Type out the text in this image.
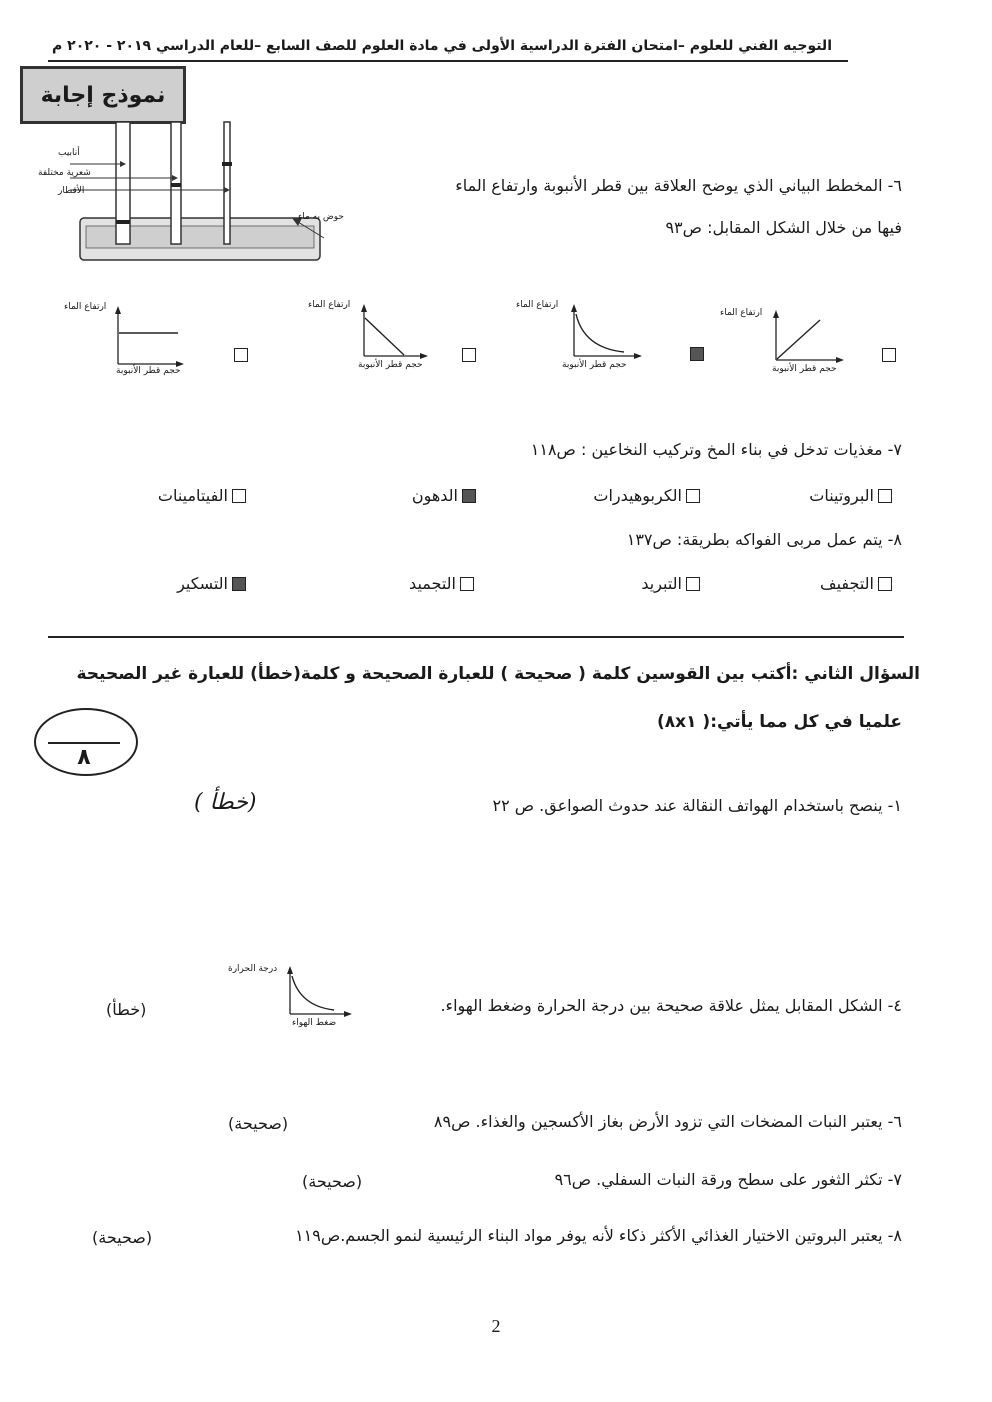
التوجيه الفني للعلوم –امتحان الفترة الدراسية الأولى في مادة العلوم للصف السابع –للعام الدراسي ٢٠١٩ - ٢٠٢٠ م
نموذج إجابة
أنابيب
شعرية مختلفة
الأقطار
حوض به ماء
٦- المخطط البياني الذي يوضح العلاقة بين قطر الأنبوبة وارتفاع الماء
فيها من خلال الشكل المقابل: ص٩٣
ارتفاع الماء
حجم قطر الأنبوبة
ارتفاع الماء
حجم قطر الأنبوبة
ارتفاع الماء
حجم قطر الأنبوبة
ارتفاع الماء
حجم قطر الأنبوبة
٧- مغذيات تدخل في بناء المخ وتركيب النخاعين : ص١١٨
البروتينات
الكربوهيدرات
الدهون
الفيتامينات
٨- يتم عمل مربى الفواكه بطريقة: ص١٣٧
التجفيف
التبريد
التجميد
التسكير
السؤال الثاني :أكتب بين القوسين كلمة ( صحيحة ) للعبارة الصحيحة و كلمة(خطأ) للعبارة غير الصحيحة
علميا في كل مما يأتي:( ٨x١)
٨
١- ينصح باستخدام الهواتف النقالة عند حدوث الصواعق. ص ٢٢
(خطأ )
٤- الشكل المقابل يمثل علاقة صحيحة بين درجة الحرارة وضغط الهواء.
(خطأ)
درجة الحرارة
ضغط الهواء
٦- يعتبر النبات المضخات التي تزود الأرض بغاز الأكسجين والغذاء. ص٨٩
(صحيحة)
٧- تكثر الثغور على سطح ورقة النبات السفلي. ص٩٦
(صحيحة)
٨- يعتبر البروتين الاختيار الغذائي الأكثر ذكاء لأنه يوفر مواد البناء الرئيسية لنمو الجسم.ص١١٩
(صحيحة)
2
